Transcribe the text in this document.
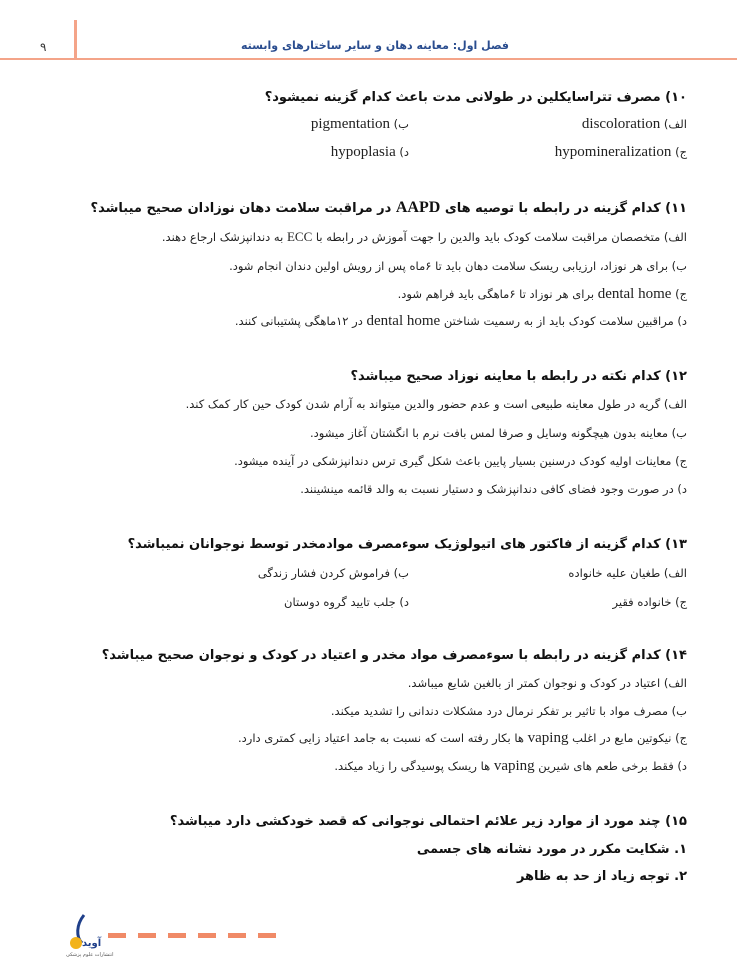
۹	فصل اول: معاینه دهان و سایر ساختارهای وابسته
۱۰) مصرف تتراسایکلین در طولانی مدت باعث کدام گزینه نمیشود؟
الف) discoloration
ب) pigmentation
ج) hypomineralization
د) hypoplasia
۱۱) کدام گزینه در رابطه با توصیه های AAPD در مراقبت سلامت دهان نوزادان صحیح میباشد؟
الف) متخصصان مراقبت سلامت کودک باید والدین را جهت آموزش در رابطه با ECC به دندانپزشک ارجاع دهند.
ب) برای هر نوزاد، ارزیابی ریسک سلامت دهان باید تا ۶ماه پس از رویش اولین دندان انجام شود.
ج) dental home برای هر نوزاد تا ۶ماهگی باید فراهم شود.
د) مراقبین سلامت کودک باید از به رسمیت شناختن dental home در ۱۲ماهگی پشتیبانی کنند.
۱۲) کدام نکته در رابطه با معاینه نوزاد صحیح میباشد؟
الف) گریه در طول معاینه طبیعی است و عدم حضور والدین میتواند به آرام شدن کودک حین کار کمک کند.
ب) معاینه بدون هیچگونه وسایل و صرفا لمس بافت نرم با انگشتان آغاز میشود.
ج) معاینات اولیه کودک درسنین بسیار پایین باعث شکل گیری ترس دندانپزشکی در آینده میشود.
د) در صورت وجود فضای کافی دندانپزشک و دستیار نسبت به والد قائمه مینشینند.
۱۳) کدام گزینه از فاکتور های اتیولوژیک سوءمصرف موادمخدر توسط نوجوانان نمیباشد؟
الف) طغیان علیه خانواده
ب) فراموش کردن فشار زندگی
ج) خانواده فقیر
د) جلب تایید گروه دوستان
۱۴) کدام گزینه در رابطه با سوءمصرف مواد مخدر و اعتیاد در کودک و نوجوان صحیح میباشد؟
الف) اعتیاد در کودک و نوجوان کمتر از بالغین شایع میباشد.
ب) مصرف مواد با تاثیر بر تفکر نرمال درد مشکلات دندانی را تشدید میکند.
ج) نیکوتین مایع در اغلب vaping ها بکار رفته است که نسبت به جامد اعتیاد زایی کمتری دارد.
د) فقط برخی طعم های شیرین vaping ها ریسک پوسیدگی را زیاد میکند.
۱۵) چند مورد از موارد زیر علائم احتمالی نوجوانی که قصد خودکشی دارد میباشد؟
۱. شکایت مکرر در مورد نشانه های جسمی
۲. توجه زیاد از حد به ظاهر
آوید
انتشارات علوم پزشکی
